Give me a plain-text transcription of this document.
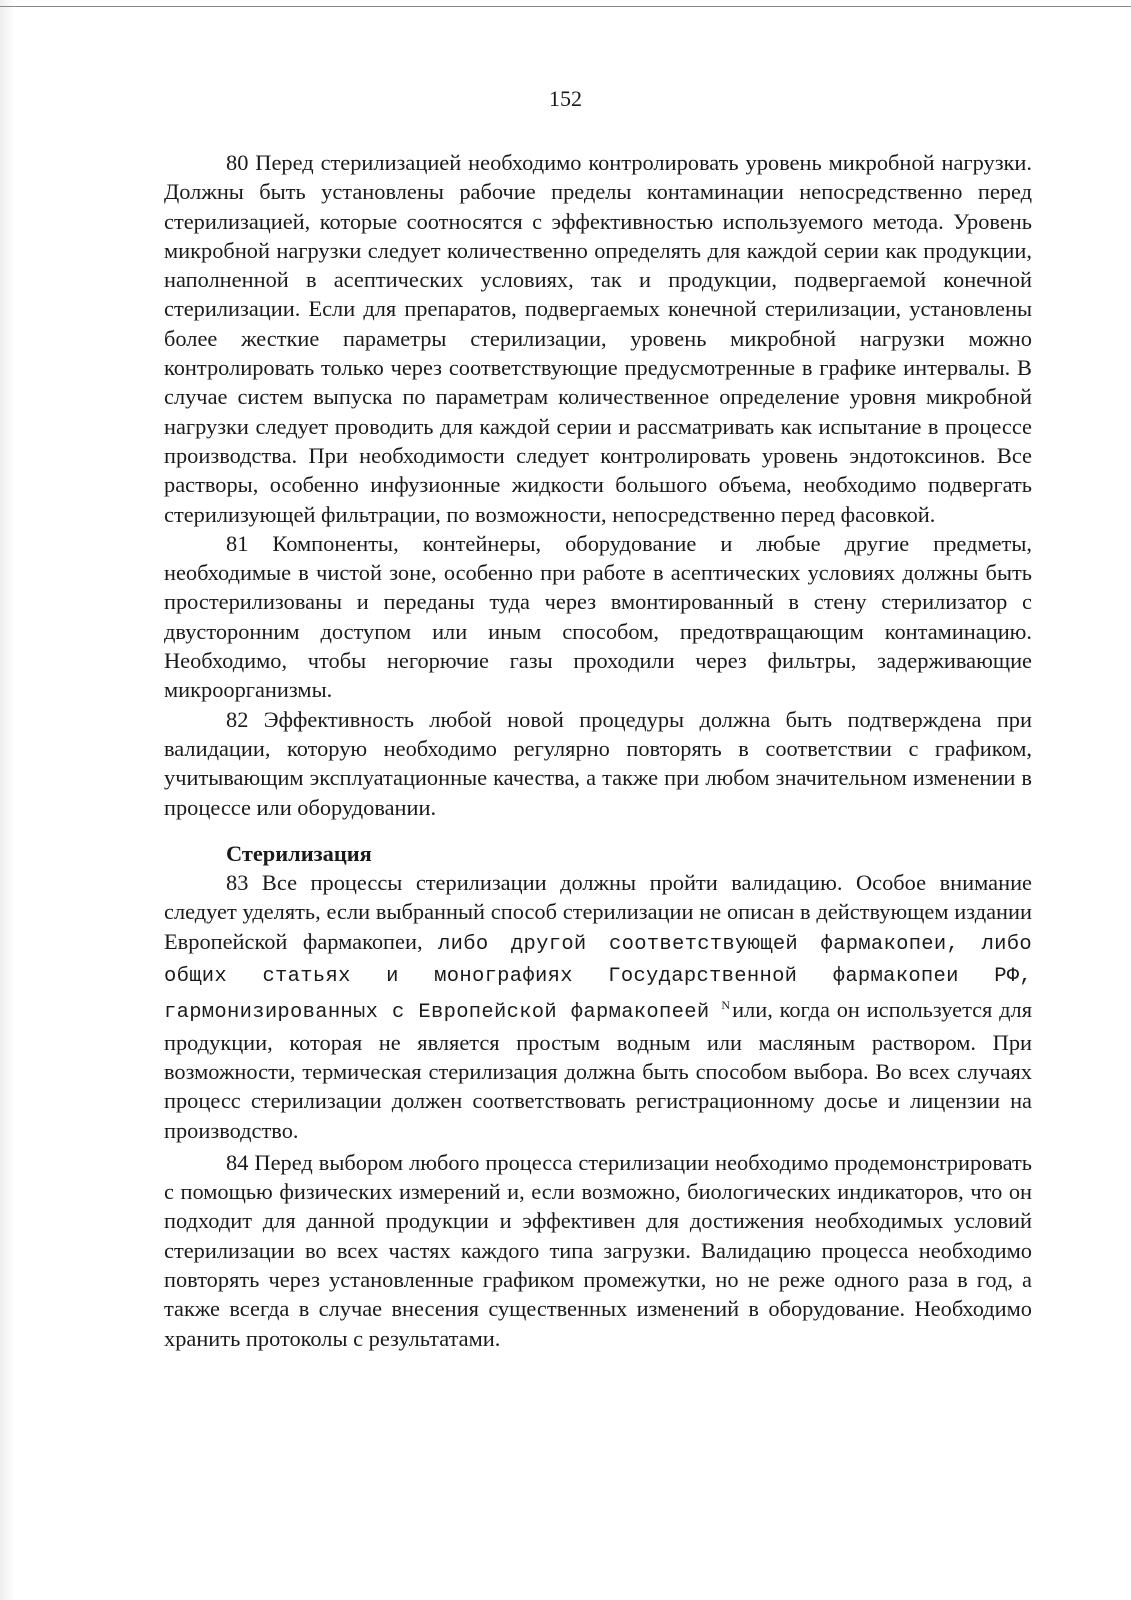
152

80 Перед стерилизацией необходимо контролировать уровень микробной нагрузки. Должны быть установлены рабочие пределы контаминации непосредственно перед стерилизацией, которые соотносятся с эффективностью используемого метода. Уровень микробной нагрузки следует количественно определять для каждой серии как продукции, наполненной в асептических условиях, так и продукции, подвергаемой конечной стерилизации. Если для препаратов, подвергаемых конечной стерилизации, установлены более жесткие параметры стерилизации, уровень микробной нагрузки можно контролировать только через соответствующие предусмотренные в графике интервалы. В случае систем выпуска по параметрам количественное определение уровня микробной нагрузки следует проводить для каждой серии и рассматривать как испытание в процессе производства. При необходимости следует контролировать уровень эндотоксинов. Все растворы, особенно инфузионные жидкости большого объема, необходимо подвергать стерилизующей фильтрации, по возможности, непосредственно перед фасовкой.

81 Компоненты, контейнеры, оборудование и любые другие предметы, необходимые в чистой зоне, особенно при работе в асептических условиях должны быть простерилизованы и переданы туда через вмонтированный в стену стерилизатор с двусторонним доступом или иным способом, предотвращающим контаминацию. Необходимо, чтобы негорючие газы проходили через фильтры, задерживающие микроорганизмы.

82 Эффективность любой новой процедуры должна быть подтверждена при валидации, которую необходимо регулярно повторять в соответствии с графиком, учитывающим эксплуатационные качества, а также при любом значительном изменении в процессе или оборудовании.

Стерилизация

83 Все процессы стерилизации должны пройти валидацию. Особое внимание следует уделять, если выбранный способ стерилизации не описан в действующем издании Европейской фармакопеи, либо другой соответствующей фармакопеи, либо общих статьях и монографиях Государственной фармакопеи РФ, гармонизированных с Европейской фармакопеей $^N$или, когда он используется для продукции, которая не является простым водным или масляным раствором. При возможности, термическая стерилизация должна быть способом выбора. Во всех случаях процесс стерилизации должен соответствовать регистрационному досье и лицензии на производство.

84 Перед выбором любого процесса стерилизации необходимо продемонстрировать с помощью физических измерений и, если возможно, биологических индикаторов, что он подходит для данной продукции и эффективен для достижения необходимых условий стерилизации во всех частях каждого типа загрузки. Валидацию процесса необходимо повторять через установленные графиком промежутки, но не реже одного раза в год, а также всегда в случае внесения существенных изменений в оборудование. Необходимо хранить протоколы с результатами.
